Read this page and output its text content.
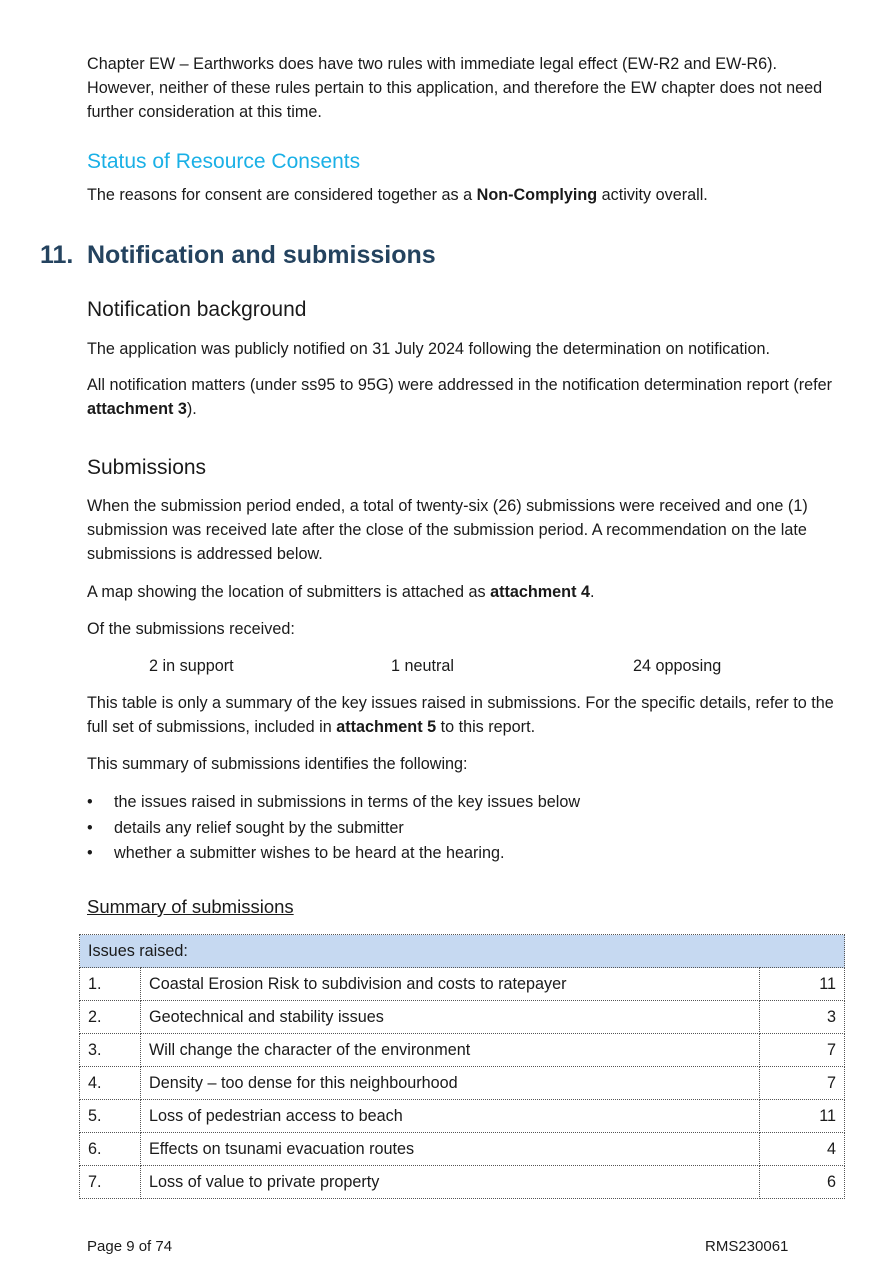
Chapter EW – Earthworks does have two rules with immediate legal effect (EW-R2 and EW-R6). However, neither of these rules pertain to this application, and therefore the EW chapter does not need further consideration at this time.

Status of Resource Consents

The reasons for consent are considered together as a Non-Complying activity overall.

11. Notification and submissions
Notification background

The application was publicly notified on 31 July 2024 following the determination on notification.

All notification matters (under ss95 to 95G) were addressed in the notification determination report (refer attachment 3).

Submissions

When the submission period ended, a total of twenty-six (26) submissions were received and one (1) submission was received late after the close of the submission period. A recommendation on the late submissions is addressed below.

A map showing the location of submitters is attached as attachment 4.

Of the submissions received:

2 in support	1 neutral	24 opposing

This table is only a summary of the key issues raised in submissions. For the specific details, refer to the full set of submissions, included in attachment 5 to this report.

This summary of submissions identifies the following:

• the issues raised in submissions in terms of the key issues below
• details any relief sought by the submitter
• whether a submitter wishes to be heard at the hearing.
Summary of submissions
Issues raised:		
1.	Coastal Erosion Risk to subdivision and costs to ratepayer	11
2.	Geotechnical and stability issues	3
3.	Will change the character of the environment	7
4.	Density – too dense for this neighbourhood	7
5.	Loss of pedestrian access to beach	11
6.	Effects on tsunami evacuation routes	4
7.	Loss of value to private property	6
Page 9 of 74	RMS230061
